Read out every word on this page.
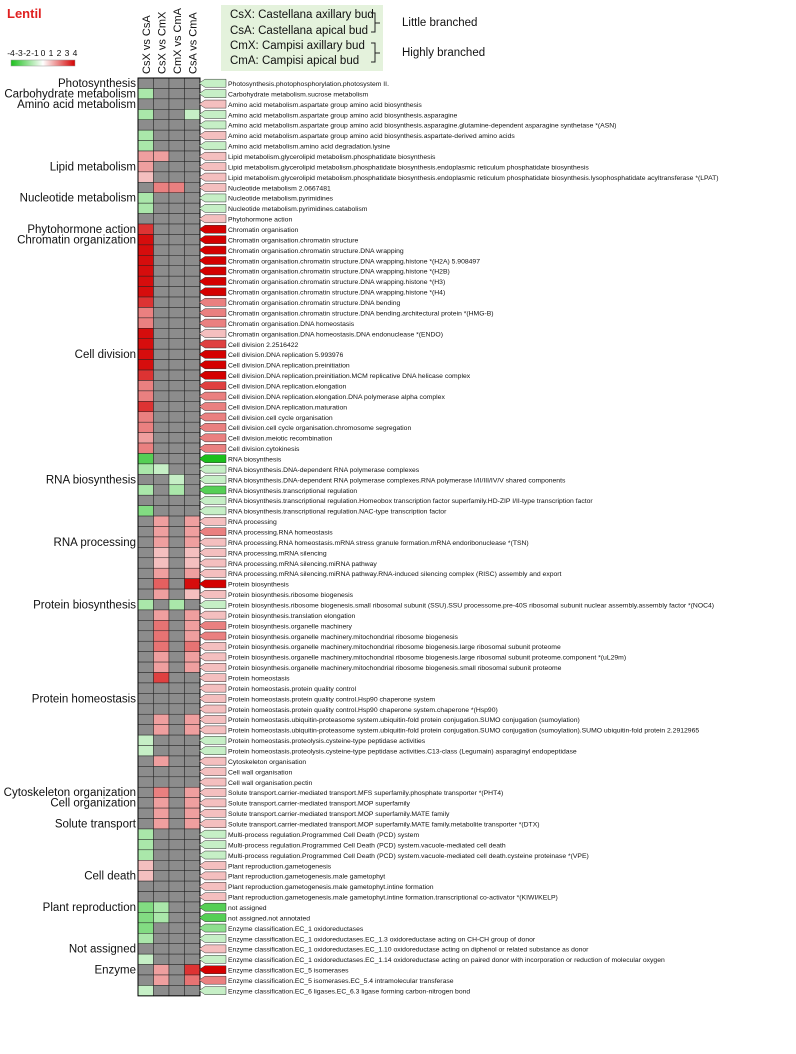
Lentil	CsX: Castellana axillary bud
CsA: Castellana apical bud
CmX: Campisi axillary bud
CmA: Campisi apical bud
Little branched
Highly branched
-4 -3 -2 -1 0 1 2 3 4	CsX vs CsA CsX vs CmX CmX vs CmA CsA vs CmA
Photosynthesis
Carbohydrate metabolism
Amino acid metabolism
Lipid metabolism
Nucleotide metabolism
Phytohormone action
Chromatin organization
Cell division
RNA biosynthesis
RNA processing
Protein biosynthesis
Protein homeostasis
Cytoskeleton organization
Cell organization
Solute transport
Cell death
Plant reproduction
Not assigned
Enzyme
Photosynthesis.photophosphorylation.photosystem II.
Carbohydrate metabolism.sucrose metabolism
Amino acid metabolism.aspartate group amino acid biosynthesis
Amino acid metabolism.aspartate group amino acid biosynthesis.asparagine
Amino acid metabolism.aspartate group amino acid biosynthesis.asparagine.glutamine-dependent asparagine synthetase *(ASN)
Amino acid metabolism.aspartate group amino acid biosynthesis.aspartate-derived amino acids
Amino acid metabolism.amino acid degradation.lysine
Lipid metabolism.glycerolipid metabolism.phosphatidate biosynthesis
Lipid metabolism.glycerolipid metabolism.phosphatidate biosynthesis.endoplasmic reticulum phosphatidate biosynthesis
Lipid metabolism.glycerolipid metabolism.phosphatidate biosynthesis.endoplasmic reticulum phosphatidate biosynthesis.lysophosphatidate acyltransferase *(LPAT)
Nucleotide metabolism 2.0667481
Nucleotide metabolism.pyrimidines
Nucleotide metabolism.pyrimidines.catabolism
Phytohormone action
Chromatin organisation
Chromatin organisation.chromatin structure
Chromatin organisation.chromatin structure.DNA wrapping
Chromatin organisation.chromatin structure.DNA wrapping.histone *(H2A) 5.908497
Chromatin organisation.chromatin structure.DNA wrapping.histone *(H2B)
Chromatin organisation.chromatin structure.DNA wrapping.histone *(H3)
Chromatin organisation.chromatin structure.DNA wrapping.histone *(H4)
Chromatin organisation.chromatin structure.DNA bending
Chromatin organisation.chromatin structure.DNA bending.architectural protein *(HMG-B)
Chromatin organisation.DNA homeostasis
Chromatin organisation.DNA homeostasis.DNA endonuclease *(ENDO)
Cell division 2.2516422
Cell division.DNA replication 5.993976
Cell division.DNA replication.preinitiation
Cell division.DNA replication.preinitiation.MCM replicative DNA helicase complex
Cell division.DNA replication.elongation
Cell division.DNA replication.elongation.DNA polymerase alpha complex
Cell division.DNA replication.maturation
Cell division.cell cycle organisation
Cell division.cell cycle organisation.chromosome segregation
Cell division.meiotic recombination
Cell division.cytokinesis
RNA biosynthesis
RNA biosynthesis.DNA-dependent RNA polymerase complexes
RNA biosynthesis.DNA-dependent RNA polymerase complexes.RNA polymerase I/II/III/IV/V shared components
RNA biosynthesis.transcriptional regulation
RNA biosynthesis.transcriptional regulation.Homeobox transcription factor superfamily.HD-ZIP I/II-type transcription factor
RNA biosynthesis.transcriptional regulation.NAC-type transcription factor
RNA processing
RNA processing.RNA homeostasis
RNA processing.RNA homeostasis.mRNA stress granule formation.mRNA endoribonuclease *(TSN)
RNA processing.mRNA silencing
RNA processing.mRNA silencing.miRNA pathway
RNA processing.mRNA silencing.miRNA pathway.RNA-induced silencing complex (RISC) assembly and export
Protein biosynthesis
Protein biosynthesis.ribosome biogenesis
Protein biosynthesis.ribosome biogenesis.small ribosomal subunit (SSU).SSU processome.pre-40S ribosomal subunit nuclear assembly.assembly factor *(NOC4)
Protein biosynthesis.translation elongation
Protein biosynthesis.organelle machinery
Protein biosynthesis.organelle machinery.mitochondrial ribosome biogenesis
Protein biosynthesis.organelle machinery.mitochondrial ribosome biogenesis.large ribosomal subunit proteome
Protein biosynthesis.organelle machinery.mitochondrial ribosome biogenesis.large ribosomal subunit proteome.component *(uL29m)
Protein biosynthesis.organelle machinery.mitochondrial ribosome biogenesis.small ribosomal subunit proteome
Protein homeostasis
Protein homeostasis.protein quality control
Protein homeostasis.protein quality control.Hsp90 chaperone system
Protein homeostasis.protein quality control.Hsp90 chaperone system.chaperone *(Hsp90)
Protein homeostasis.ubiquitin-proteasome system.ubiquitin-fold protein conjugation.SUMO conjugation (sumoylation)
Protein homeostasis.ubiquitin-proteasome system.ubiquitin-fold protein conjugation.SUMO conjugation (sumoylation).SUMO ubiquitin-fold protein 2.2912965
Protein homeostasis.proteolysis.cysteine-type peptidase activities
Protein homeostasis.proteolysis.cysteine-type peptidase activities.C13-class (Legumain) asparaginyl endopeptidase
Cytoskeleton organisation
Cell wall organisation
Cell wall organisation.pectin
Solute transport.carrier-mediated transport.MFS superfamily.phosphate transporter *(PHT4)
Solute transport.carrier-mediated transport.MOP superfamily
Solute transport.carrier-mediated transport.MOP superfamily.MATE family
Solute transport.carrier-mediated transport.MOP superfamily.MATE family.metabolite transporter *(DTX)
Multi-process regulation.Programmed Cell Death (PCD) system
Multi-process regulation.Programmed Cell Death (PCD) system.vacuole-mediated cell death
Multi-process regulation.Programmed Cell Death (PCD) system.vacuole-mediated cell death.cysteine proteinase *(VPE)
Plant reproduction.gametogenesis
Plant reproduction.gametogenesis.male gametophyt
Plant reproduction.gametogenesis.male gametophyt.intine formation
Plant reproduction.gametogenesis.male gametophyt.intine formation.transcriptional co-activator *(KIWI/KELP)
not assigned
not assigned.not annotated
Enzyme classification.EC_1 oxidoreductases
Enzyme classification.EC_1 oxidoreductases.EC_1.3 oxidoreductase acting on CH-CH group of donor
Enzyme classification.EC_1 oxidoreductases.EC_1.10 oxidoreductase acting on diphenol or related substance as donor
Enzyme classification.EC_1 oxidoreductases.EC_1.14 oxidoreductase acting on paired donor with incorporation or reduction of molecular oxygen
Enzyme classification.EC_5 isomerases
Enzyme classification.EC_5 isomerases.EC_5.4 intramolecular transferase
Enzyme classification.EC_6 ligases.EC_6.3 ligase forming carbon-nitrogen bond
